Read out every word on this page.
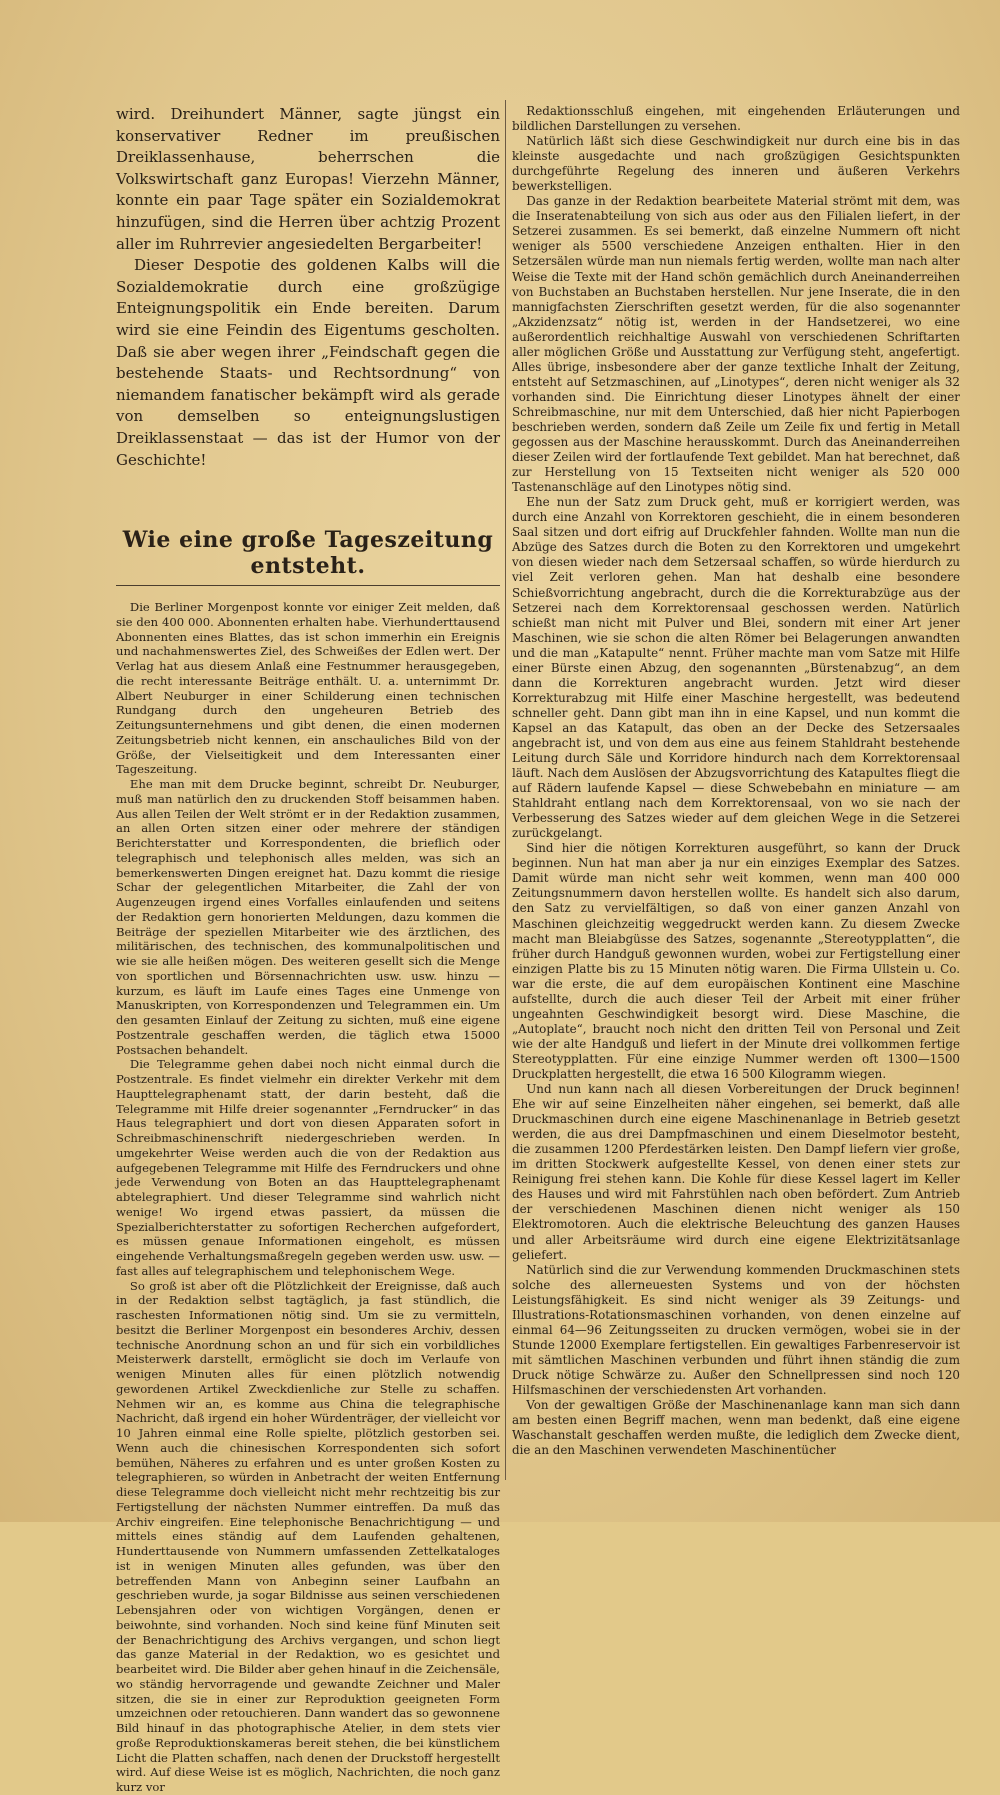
wird. Dreihundert Männer, sagte jüngst ein konservativer Redner im preußischen Dreiklassenhause, beherrschen die Volkswirtschaft ganz Europas! Vierzehn Männer, konnte ein paar Tage später ein Sozialdemokrat hinzufügen, sind die Herren über achtzig Prozent aller im Ruhrrevier angesiedelten Bergarbeiter!

Dieser Despotie des goldenen Kalbs will die Sozialdemokratie durch eine großzügige Enteignungspolitik ein Ende bereiten. Darum wird sie eine Feindin des Eigentums gescholten. Daß sie aber wegen ihrer „Feindschaft gegen die bestehende Staats- und Rechtsordnung“ von niemandem fanatischer bekämpft wird als gerade von demselben so enteignungslustigen Dreiklassenstaat — das ist der Humor von der Geschichte!

Wie eine große Tageszeitung entsteht.

Die Berliner Morgenpost konnte vor einiger Zeit melden, daß sie den 400 000. Abonnenten erhalten habe. Vierhunderttausend Abonnenten eines Blattes, das ist schon immerhin ein Ereignis und nachahmenswertes Ziel, des Schweißes der Edlen wert. Der Verlag hat aus diesem Anlaß eine Festnummer herausgegeben, die recht interessante Beiträge enthält. U. a. unternimmt Dr. Albert Neuburger in einer Schilderung einen technischen Rundgang durch den ungeheuren Betrieb des Zeitungsunternehmens und gibt denen, die einen modernen Zeitungsbetrieb nicht kennen, ein anschauliches Bild von der Größe, der Vielseitigkeit und dem Interessanten einer Tageszeitung.

Ehe man mit dem Drucke beginnt, schreibt Dr. Neuburger, muß man natürlich den zu druckenden Stoff beisammen haben. Aus allen Teilen der Welt strömt er in der Redaktion zusammen, an allen Orten sitzen einer oder mehrere der ständigen Berichterstatter und Korrespondenten, die brieflich oder telegraphisch und telephonisch alles melden, was sich an bemerkenswerten Dingen ereignet hat. Dazu kommt die riesige Schar der gelegentlichen Mitarbeiter, die Zahl der von Augenzeugen irgend eines Vorfalles einlaufenden und seitens der Redaktion gern honorierten Meldungen, dazu kommen die Beiträge der speziellen Mitarbeiter wie des ärztlichen, des militärischen, des technischen, des kommunalpolitischen und wie sie alle heißen mögen. Des weiteren gesellt sich die Menge von sportlichen und Börsennachrichten usw. usw. hinzu — kurzum, es läuft im Laufe eines Tages eine Unmenge von Manuskripten, von Korrespondenzen und Telegrammen ein. Um den gesamten Einlauf der Zeitung zu sichten, muß eine eigene Postzentrale geschaffen werden, die täglich etwa 15000 Postsachen behandelt.

Die Telegramme gehen dabei noch nicht einmal durch die Postzentrale. Es findet vielmehr ein direkter Verkehr mit dem Haupttelegraphenamt statt, der darin besteht, daß die Telegramme mit Hilfe dreier sogenannter „Ferndrucker“ in das Haus telegraphiert und dort von diesen Apparaten sofort in Schreibmaschinenschrift niedergeschrieben werden. In umgekehrter Weise werden auch die von der Redaktion aus aufgegebenen Telegramme mit Hilfe des Ferndruckers und ohne jede Verwendung von Boten an das Haupttelegraphenamt abtelegraphiert. Und dieser Telegramme sind wahrlich nicht wenige! Wo irgend etwas passiert, da müssen die Spezialberichterstatter zu sofortigen Recherchen aufgefordert, es müssen genaue Informationen eingeholt, es müssen eingehende Verhaltungsmaßregeln gegeben werden usw. usw. — fast alles auf telegraphischem und telephonischem Wege.

So groß ist aber oft die Plötzlichkeit der Ereignisse, daß auch in der Redaktion selbst tagtäglich, ja fast stündlich, die raschesten Informationen nötig sind. Um sie zu vermitteln, besitzt die Berliner Morgenpost ein besonderes Archiv, dessen technische Anordnung schon an und für sich ein vorbildliches Meisterwerk darstellt, ermöglicht sie doch im Verlaufe von wenigen Minuten alles für einen plötzlich notwendig gewordenen Artikel Zweckdienliche zur Stelle zu schaffen. Nehmen wir an, es komme aus China die telegraphische Nachricht, daß irgend ein hoher Würdenträger, der vielleicht vor 10 Jahren einmal eine Rolle spielte, plötzlich gestorben sei. Wenn auch die chinesischen Korrespondenten sich sofort bemühen, Näheres zu erfahren und es unter großen Kosten zu telegraphieren, so würden in Anbetracht der weiten Entfernung diese Telegramme doch vielleicht nicht mehr rechtzeitig bis zur Fertigstellung der nächsten Nummer eintreffen. Da muß das Archiv eingreifen. Eine telephonische Benachrichtigung — und mittels eines ständig auf dem Laufenden gehaltenen, Hunderttausende von Nummern umfassenden Zettelkataloges ist in wenigen Minuten alles gefunden, was über den betreffenden Mann von Anbeginn seiner Laufbahn an geschrieben wurde, ja sogar Bildnisse aus seinen verschiedenen Lebensjahren oder von wichtigen Vorgängen, denen er beiwohnte, sind vorhanden. Noch sind keine fünf Minuten seit der Benachrichtigung des Archivs vergangen, und schon liegt das ganze Material in der Redaktion, wo es gesichtet und bearbeitet wird. Die Bilder aber gehen hinauf in die Zeichensäle, wo ständig hervorragende und gewandte Zeichner und Maler sitzen, die sie in einer zur Reproduktion geeigneten Form umzeichnen oder retouchieren. Dann wandert das so gewonnene Bild hinauf in das photographische Atelier, in dem stets vier große Reproduktionskameras bereit stehen, die bei künstlichem Licht die Platten schaffen, nach denen der Druckstoff hergestellt wird. Auf diese Weise ist es möglich, Nachrichten, die noch ganz kurz vor

Redaktionsschluß eingehen, mit eingehenden Erläuterungen und bildlichen Darstellungen zu versehen.

Natürlich läßt sich diese Geschwindigkeit nur durch eine bis in das kleinste ausgedachte und nach großzügigen Gesichtspunkten durchgeführte Regelung des inneren und äußeren Verkehrs bewerkstelligen.

Das ganze in der Redaktion bearbeitete Material strömt mit dem, was die Inseratenabteilung von sich aus oder aus den Filialen liefert, in der Setzerei zusammen. Es sei bemerkt, daß einzelne Nummern oft nicht weniger als 5500 verschiedene Anzeigen enthalten. Hier in den Setzersälen würde man nun niemals fertig werden, wollte man nach alter Weise die Texte mit der Hand schön gemächlich durch Aneinanderreihen von Buchstaben an Buchstaben herstellen. Nur jene Inserate, die in den mannigfachsten Zierschriften gesetzt werden, für die also sogenannter „Akzidenzsatz“ nötig ist, werden in der Handsetzerei, wo eine außerordentlich reichhaltige Auswahl von verschiedenen Schriftarten aller möglichen Größe und Ausstattung zur Verfügung steht, angefertigt. Alles übrige, insbesondere aber der ganze textliche Inhalt der Zeitung, entsteht auf Setzmaschinen, auf „Linotypes“, deren nicht weniger als 32 vorhanden sind. Die Einrichtung dieser Linotypes ähnelt der einer Schreibmaschine, nur mit dem Unterschied, daß hier nicht Papierbogen beschrieben werden, sondern daß Zeile um Zeile fix und fertig in Metall gegossen aus der Maschine herausskommt. Durch das Aneinanderreihen dieser Zeilen wird der fortlaufende Text gebildet. Man hat berechnet, daß zur Herstellung von 15 Textseiten nicht weniger als 520 000 Tastenanschläge auf den Linotypes nötig sind.

Ehe nun der Satz zum Druck geht, muß er korrigiert werden, was durch eine Anzahl von Korrektoren geschieht, die in einem besonderen Saal sitzen und dort eifrig auf Druckfehler fahnden. Wollte man nun die Abzüge des Satzes durch die Boten zu den Korrektoren und umgekehrt von diesen wieder nach dem Setzersaal schaffen, so würde hierdurch zu viel Zeit verloren gehen. Man hat deshalb eine besondere Schießvorrichtung angebracht, durch die die Korrekturabzüge aus der Setzerei nach dem Korrektorensaal geschossen werden. Natürlich schießt man nicht mit Pulver und Blei, sondern mit einer Art jener Maschinen, wie sie schon die alten Römer bei Belagerungen anwandten und die man „Katapulte“ nennt. Früher machte man vom Satze mit Hilfe einer Bürste einen Abzug, den sogenannten „Bürstenabzug“, an dem dann die Korrekturen angebracht wurden. Jetzt wird dieser Korrekturabzug mit Hilfe einer Maschine hergestellt, was bedeutend schneller geht. Dann gibt man ihn in eine Kapsel, und nun kommt die Kapsel an das Katapult, das oben an der Decke des Setzersaales angebracht ist, und von dem aus eine aus feinem Stahldraht bestehende Leitung durch Säle und Korridore hindurch nach dem Korrektorensaal läuft. Nach dem Auslösen der Abzugsvorrichtung des Katapultes fliegt die auf Rädern laufende Kapsel — diese Schwebebahn en miniature — am Stahldraht entlang nach dem Korrektorensaal, von wo sie nach der Verbesserung des Satzes wieder auf dem gleichen Wege in die Setzerei zurückgelangt.

Sind hier die nötigen Korrekturen ausgeführt, so kann der Druck beginnen. Nun hat man aber ja nur ein einziges Exemplar des Satzes. Damit würde man nicht sehr weit kommen, wenn man 400 000 Zeitungsnummern davon herstellen wollte. Es handelt sich also darum, den Satz zu vervielfältigen, so daß von einer ganzen Anzahl von Maschinen gleichzeitig weggedruckt werden kann. Zu diesem Zwecke macht man Bleiabgüsse des Satzes, sogenannte „Stereotypplatten“, die früher durch Handguß gewonnen wurden, wobei zur Fertigstellung einer einzigen Platte bis zu 15 Minuten nötig waren. Die Firma Ullstein u. Co. war die erste, die auf dem europäischen Kontinent eine Maschine aufstellte, durch die auch dieser Teil der Arbeit mit einer früher ungeahnten Geschwindigkeit besorgt wird. Diese Maschine, die „Autoplate“, braucht noch nicht den dritten Teil von Personal und Zeit wie der alte Handguß und liefert in der Minute drei vollkommen fertige Stereotypplatten. Für eine einzige Nummer werden oft 1300—1500 Druckplatten hergestellt, die etwa 16 500 Kilogramm wiegen.

Und nun kann nach all diesen Vorbereitungen der Druck beginnen! Ehe wir auf seine Einzelheiten näher eingehen, sei bemerkt, daß alle Druckmaschinen durch eine eigene Maschinenanlage in Betrieb gesetzt werden, die aus drei Dampfmaschinen und einem Dieselmotor besteht, die zusammen 1200 Pferdestärken leisten. Den Dampf liefern vier große, im dritten Stockwerk aufgestellte Kessel, von denen einer stets zur Reinigung frei stehen kann. Die Kohle für diese Kessel lagert im Keller des Hauses und wird mit Fahrstühlen nach oben befördert. Zum Antrieb der verschiedenen Maschinen dienen nicht weniger als 150 Elektromotoren. Auch die elektrische Beleuchtung des ganzen Hauses und aller Arbeitsräume wird durch eine eigene Elektrizitätsanlage geliefert.

Natürlich sind die zur Verwendung kommenden Druckmaschinen stets solche des allerneuesten Systems und von der höchsten Leistungsfähigkeit. Es sind nicht weniger als 39 Zeitungs- und Illustrations-Rotationsmaschinen vorhanden, von denen einzelne auf einmal 64—96 Zeitungsseiten zu drucken vermögen, wobei sie in der Stunde 12000 Exemplare fertigstellen. Ein gewaltiges Farbenreservoir ist mit sämtlichen Maschinen verbunden und führt ihnen ständig die zum Druck nötige Schwärze zu. Außer den Schnellpressen sind noch 120 Hilfsmaschinen der verschiedensten Art vorhanden.

Von der gewaltigen Größe der Maschinenanlage kann man sich dann am besten einen Begriff machen, wenn man bedenkt, daß eine eigene Waschanstalt geschaffen werden mußte, die lediglich dem Zwecke dient, die an den Maschinen verwendeten Maschinentücher
